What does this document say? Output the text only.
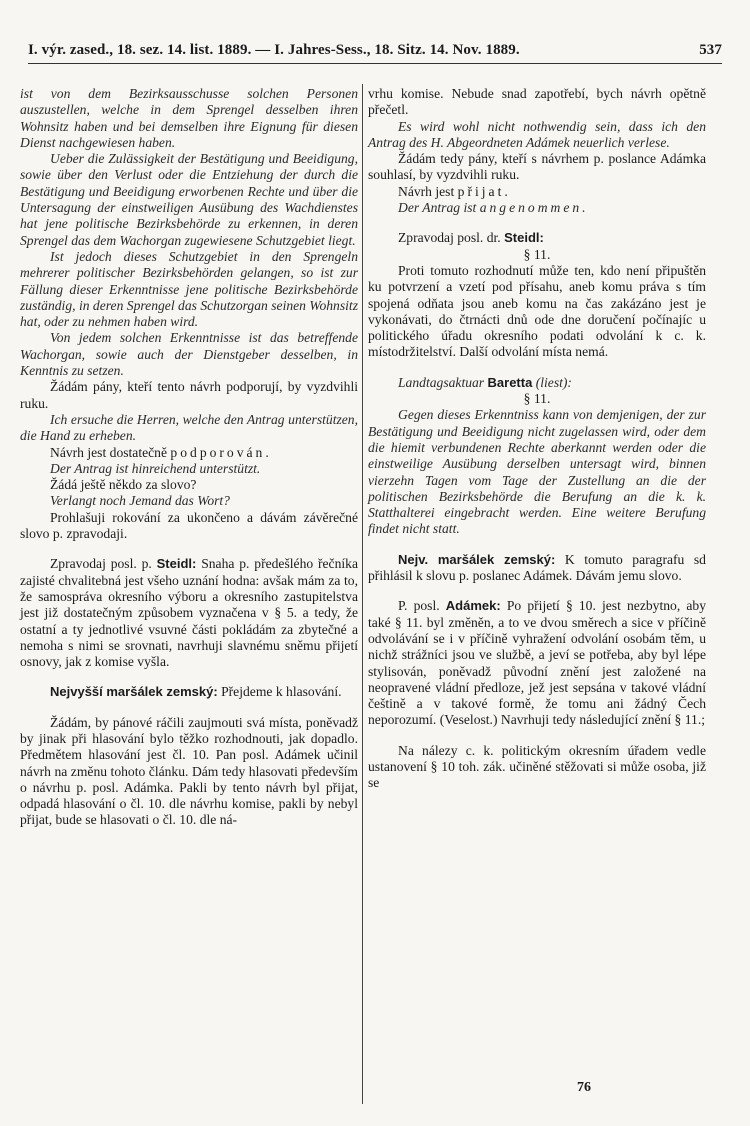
I. výr. zased., 18. sez. 14. list. 1889. — I. Jahres-Sess., 18. Sitz. 14. Nov. 1889.	537

ist von dem Bezirksausschusse solchen Personen auszustellen, welche in dem Sprengel desselben ihren Wohnsitz haben und bei demselben ihre Eignung für diesen Dienst nachgewiesen haben.

Ueber die Zulässigkeit der Bestätigung und Beeidigung, sowie über den Verlust oder die Entziehung der durch die Bestätigung und Beeidigung erworbenen Rechte und über die Untersagung der einstweiligen Ausübung des Wachdienstes hat jene politische Bezirksbehörde zu erkennen, in deren Sprengel das dem Wachorgan zugewiesene Schutzgebiet liegt.

Ist jedoch dieses Schutzgebiet in den Sprengeln mehrerer politischer Bezirksbehörden gelangen, so ist zur Fällung dieser Erkenntnisse jene politische Bezirksbehörde zuständig, in deren Sprengel das Schutzorgan seinen Wohnsitz hat, oder zu nehmen haben wird.

Von jedem solchen Erkenntnisse ist das betreffende Wachorgan, sowie auch der Dienstgeber desselben, in Kenntnis zu setzen.

Žádám pány, kteří tento návrh podporují, by vyzdvihli ruku.

Ich ersuche die Herren, welche den Antrag unterstützen, die Hand zu erheben.

Návrh jest dostatečně podporován.

Der Antrag ist hinreichend unterstützt.

Žádá ještě někdo za slovo?

Verlangt noch Jemand das Wort?

Prohlašuji rokování za ukončeno a dávám závěrečné slovo p. zpravodaji.

Zpravodaj posl. p. Steidl: Snaha p. předešlého řečníka zajisté chvalitebná jest všeho uznání hodna: avšak mám za to, že samospráva okresního výboru a okresního zastupitelstva jest již dostatečným způsobem vyznačena v § 5. a tedy, že ostatní a ty jednotlivé vsuvné části pokládám za zbytečné a nemoha s nimi se srovnati, navrhuji slavnému sněmu přijetí osnovy, jak z komise vyšla.

Nejvyšší maršálek zemský: Přejdeme k hlasování.

Žádám, by pánové ráčili zaujmouti svá místa, poněvadž by jinak při hlasování bylo těžko rozhodnouti, jak dopadlo. Předmětem hlasování jest čl. 10. Pan posl. Adámek učinil návrh na změnu tohoto článku. Dám tedy hlasovati především o návrhu p. posl. Adámka. Pakli by tento návrh byl přijat, odpadá hlasování o čl. 10. dle návrhu komise, pakli by nebyl přijat, bude se hlasovati o čl. 10. dle ná-

vrhu komise. Nebude snad zapotřebí, bych návrh opětně přečetl.

Es wird wohl nicht nothwendig sein, dass ich den Antrag des H. Abgeordneten Adámek neuerlich verlese.

Žádám tedy pány, kteří s návrhem p. poslance Adámka souhlasí, by vyzdvihli ruku.

Návrh jest přijat.

Der Antrag ist angenommen.

Zpravodaj posl. dr. Steidl:

§ 11.

Proti tomuto rozhodnutí může ten, kdo není připuštěn ku potvrzení a vzetí pod přísahu, aneb komu práva s tím spojená odňata jsou aneb komu na čas zakázáno jest je vykonávati, do čtrnácti dnů ode dne doručení počínajíc u politického úřadu okresního podati odvolání k c. k. místodržitelství. Další odvolání místa nemá.

Landtagsaktuar Baretta (liest):

§ 11.

Gegen dieses Erkenntniss kann von demjenigen, der zur Bestätigung und Beeidigung nicht zugelassen wird, oder dem die hiemit verbundenen Rechte aberkannt werden oder die einstweilige Ausübung derselben untersagt wird, binnen vierzehn Tagen vom Tage der Zustellung an die der politischen Bezirksbehörde die Berufung an die k. k. Statthalterei eingebracht werden. Eine weitere Berufung findet nicht statt.

Nejv. maršálek zemský: K tomuto paragrafu sd přihlásil k slovu p. poslanec Adámek. Dávám jemu slovo.

P. posl. Adámek: Po přijetí § 10. jest nezbytno, aby také § 11. byl změněn, a to ve dvou směrech a sice v příčině odvolávání se i v příčině vyhražení odvolání osobám těm, u nichž strážníci jsou ve službě, a jeví se potřeba, aby byl lépe stylisován, poněvadž původní znění jest založené na neopravené vládní předloze, jež jest sepsána v takové vládní češtině a v takové formě, že tomu ani žádný Čech neporozumí. (Veselost.) Navrhuji tedy následující znění § 11.;

Na nálezy c. k. politickým okresním úřadem vedle ustanovení § 10 toh. zák. učiněné stěžovati si může osoba, již se

76
